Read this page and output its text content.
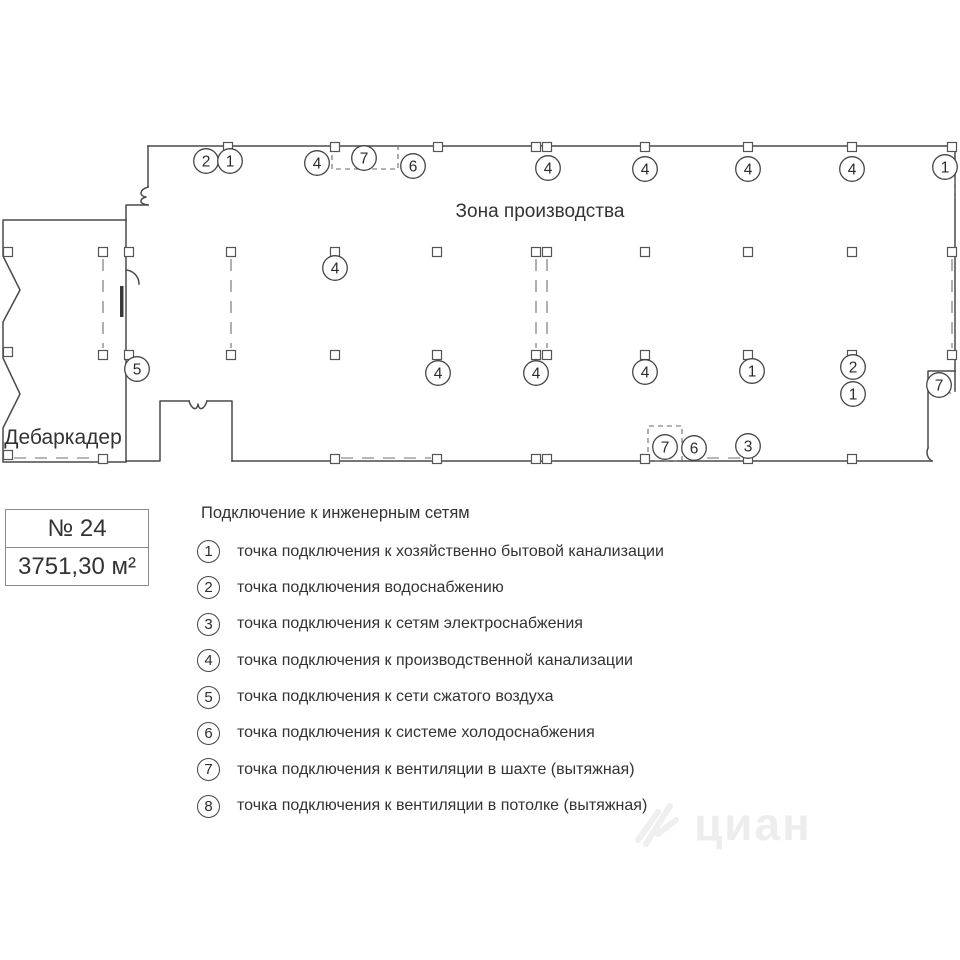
2 1	4 7	6	4	4	4	4	1
4
5	4	4	4	1	2
1
7
7 6	3
Зона производства
Дебаркадер
№ 24
3751,30 м²
Подключение к инженерным сетям
1	точка подключения к хозяйственно бытовой канализации
2	точка подключения водоснабжению
3	точка подключения к сетям электроснабжения
4	точка подключения к производственной канализации
5	точка подключения к сети сжатого воздуха
6	точка подключения к системе холодоснабжения
7	точка подключения к вентиляции в шахте (вытяжная)
8	точка подключения к вентиляции в потолке (вытяжная) циан
